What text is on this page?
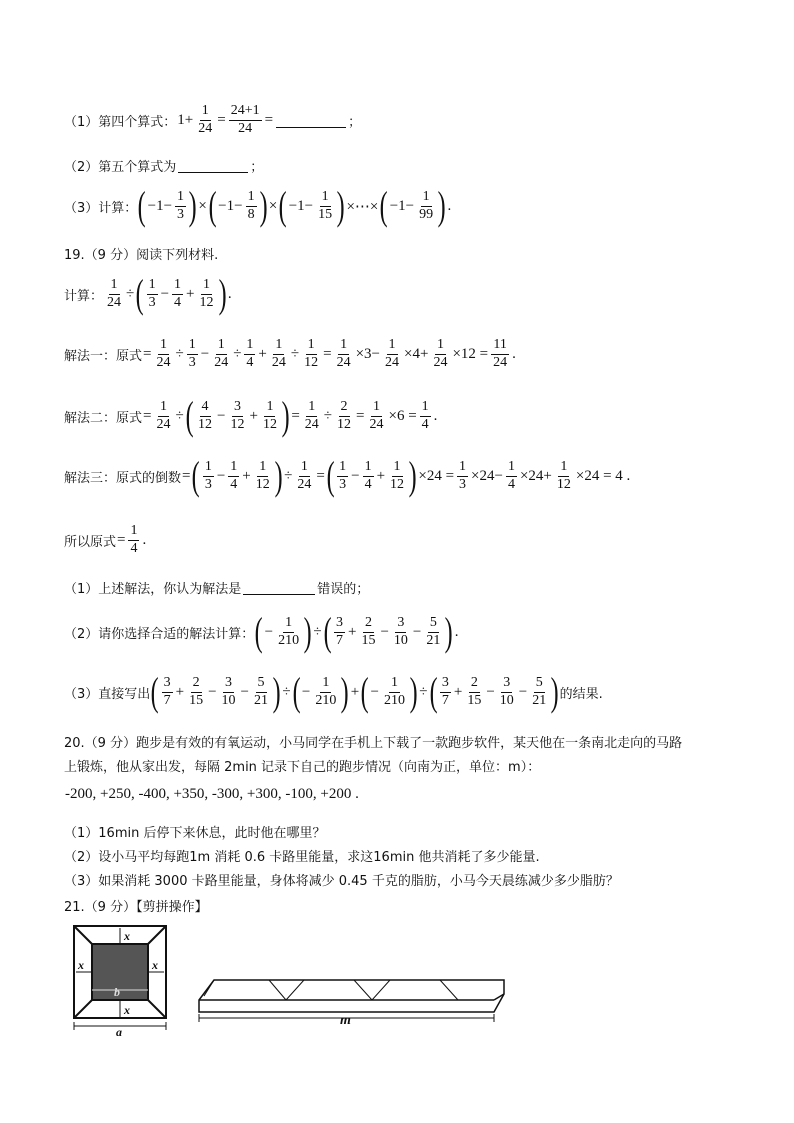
（1）第四个算式： $1+ \frac{1}{24} = \frac{24+1}{24}$ =	；
（2）第五个算式为	；
（3）计算： ( $-1- \frac{1}{3}$ ) × ( $-1- \frac{1}{8}$ ) × ( $-1- \frac{1}{15}$ ) ×⋯× ( $-1- \frac{1}{99}$ ) .
19.（9 分）阅读下列材料.
计算： $\frac{1}{24}$ ÷ ( $\frac{1}{3} - \frac{1}{4} + \frac{1}{12}$ ) .
解法一：原式 = $\frac{1}{24} \div \frac{1}{3} - \frac{1}{24} \div \frac{1}{4} + \frac{1}{24} \div \frac{1}{12} = \frac{1}{24} \times 3- \frac{1}{24} \times 4+ \frac{1}{24} \times 12 = \frac{11}{24}$ .
解法二：原式 = $\frac{1}{24}$ ÷ ( $\frac{4}{12} - \frac{3}{12} + \frac{1}{12}$ ) = $\frac{1}{24} \div \frac{2}{12} = \frac{1}{24} \times 6 = \frac{1}{4}$ .
解法三：原式的倒数 = ( $\frac{1}{3} - \frac{1}{4} + \frac{1}{12}$ ) ÷ $\frac{1}{24}$ = ( $\frac{1}{3} - \frac{1}{4} + \frac{1}{12}$ ) $\times 24 = \frac{1}{3} \times 24- \frac{1}{4} \times 24+ \frac{1}{12} \times 24 = 4$ .
所以原式 = $\frac{1}{4}$ .
（1）上述解法，你认为解法是	错误的；
（2）请你选择合适的解法计算： ( − $\frac{1}{210}$ ) ÷ ( $\frac{3}{7} + \frac{2}{15} - \frac{3}{10} - \frac{5}{21}$ ) .
（3）直接写出 ( $\frac{3}{7} + \frac{2}{15} - \frac{3}{10} - \frac{5}{21}$ ) ÷ ( − $\frac{1}{210}$ ) + ( − $\frac{1}{210}$ ) ÷ ( $\frac{3}{7} + \frac{2}{15} - \frac{3}{10} - \frac{5}{21}$ ) 的结果.
20.（9 分）跑步是有效的有氧运动，小马同学在手机上下载了一款跑步软件，某天他在一条南北走向的马路
上锻炼，他从家出发，每隔 2min 记录下自己的跑步情况（向南为正，单位：m）：
-200, +250, -400, +350, -300, +300, -100, +200 .
（1）16min 后停下来休息，此时他在哪里？
（2）设小马平均每跑1m 消耗 0.6 卡路里能量，求这16min 他共消耗了多少能量.
（3）如果消耗 3000 卡路里能量，身体将减少 0.45 千克的脂肪，小马今天晨练减少多少脂肪？
21.（9 分）【剪拼操作】
x
x	x
x
b
a
m
